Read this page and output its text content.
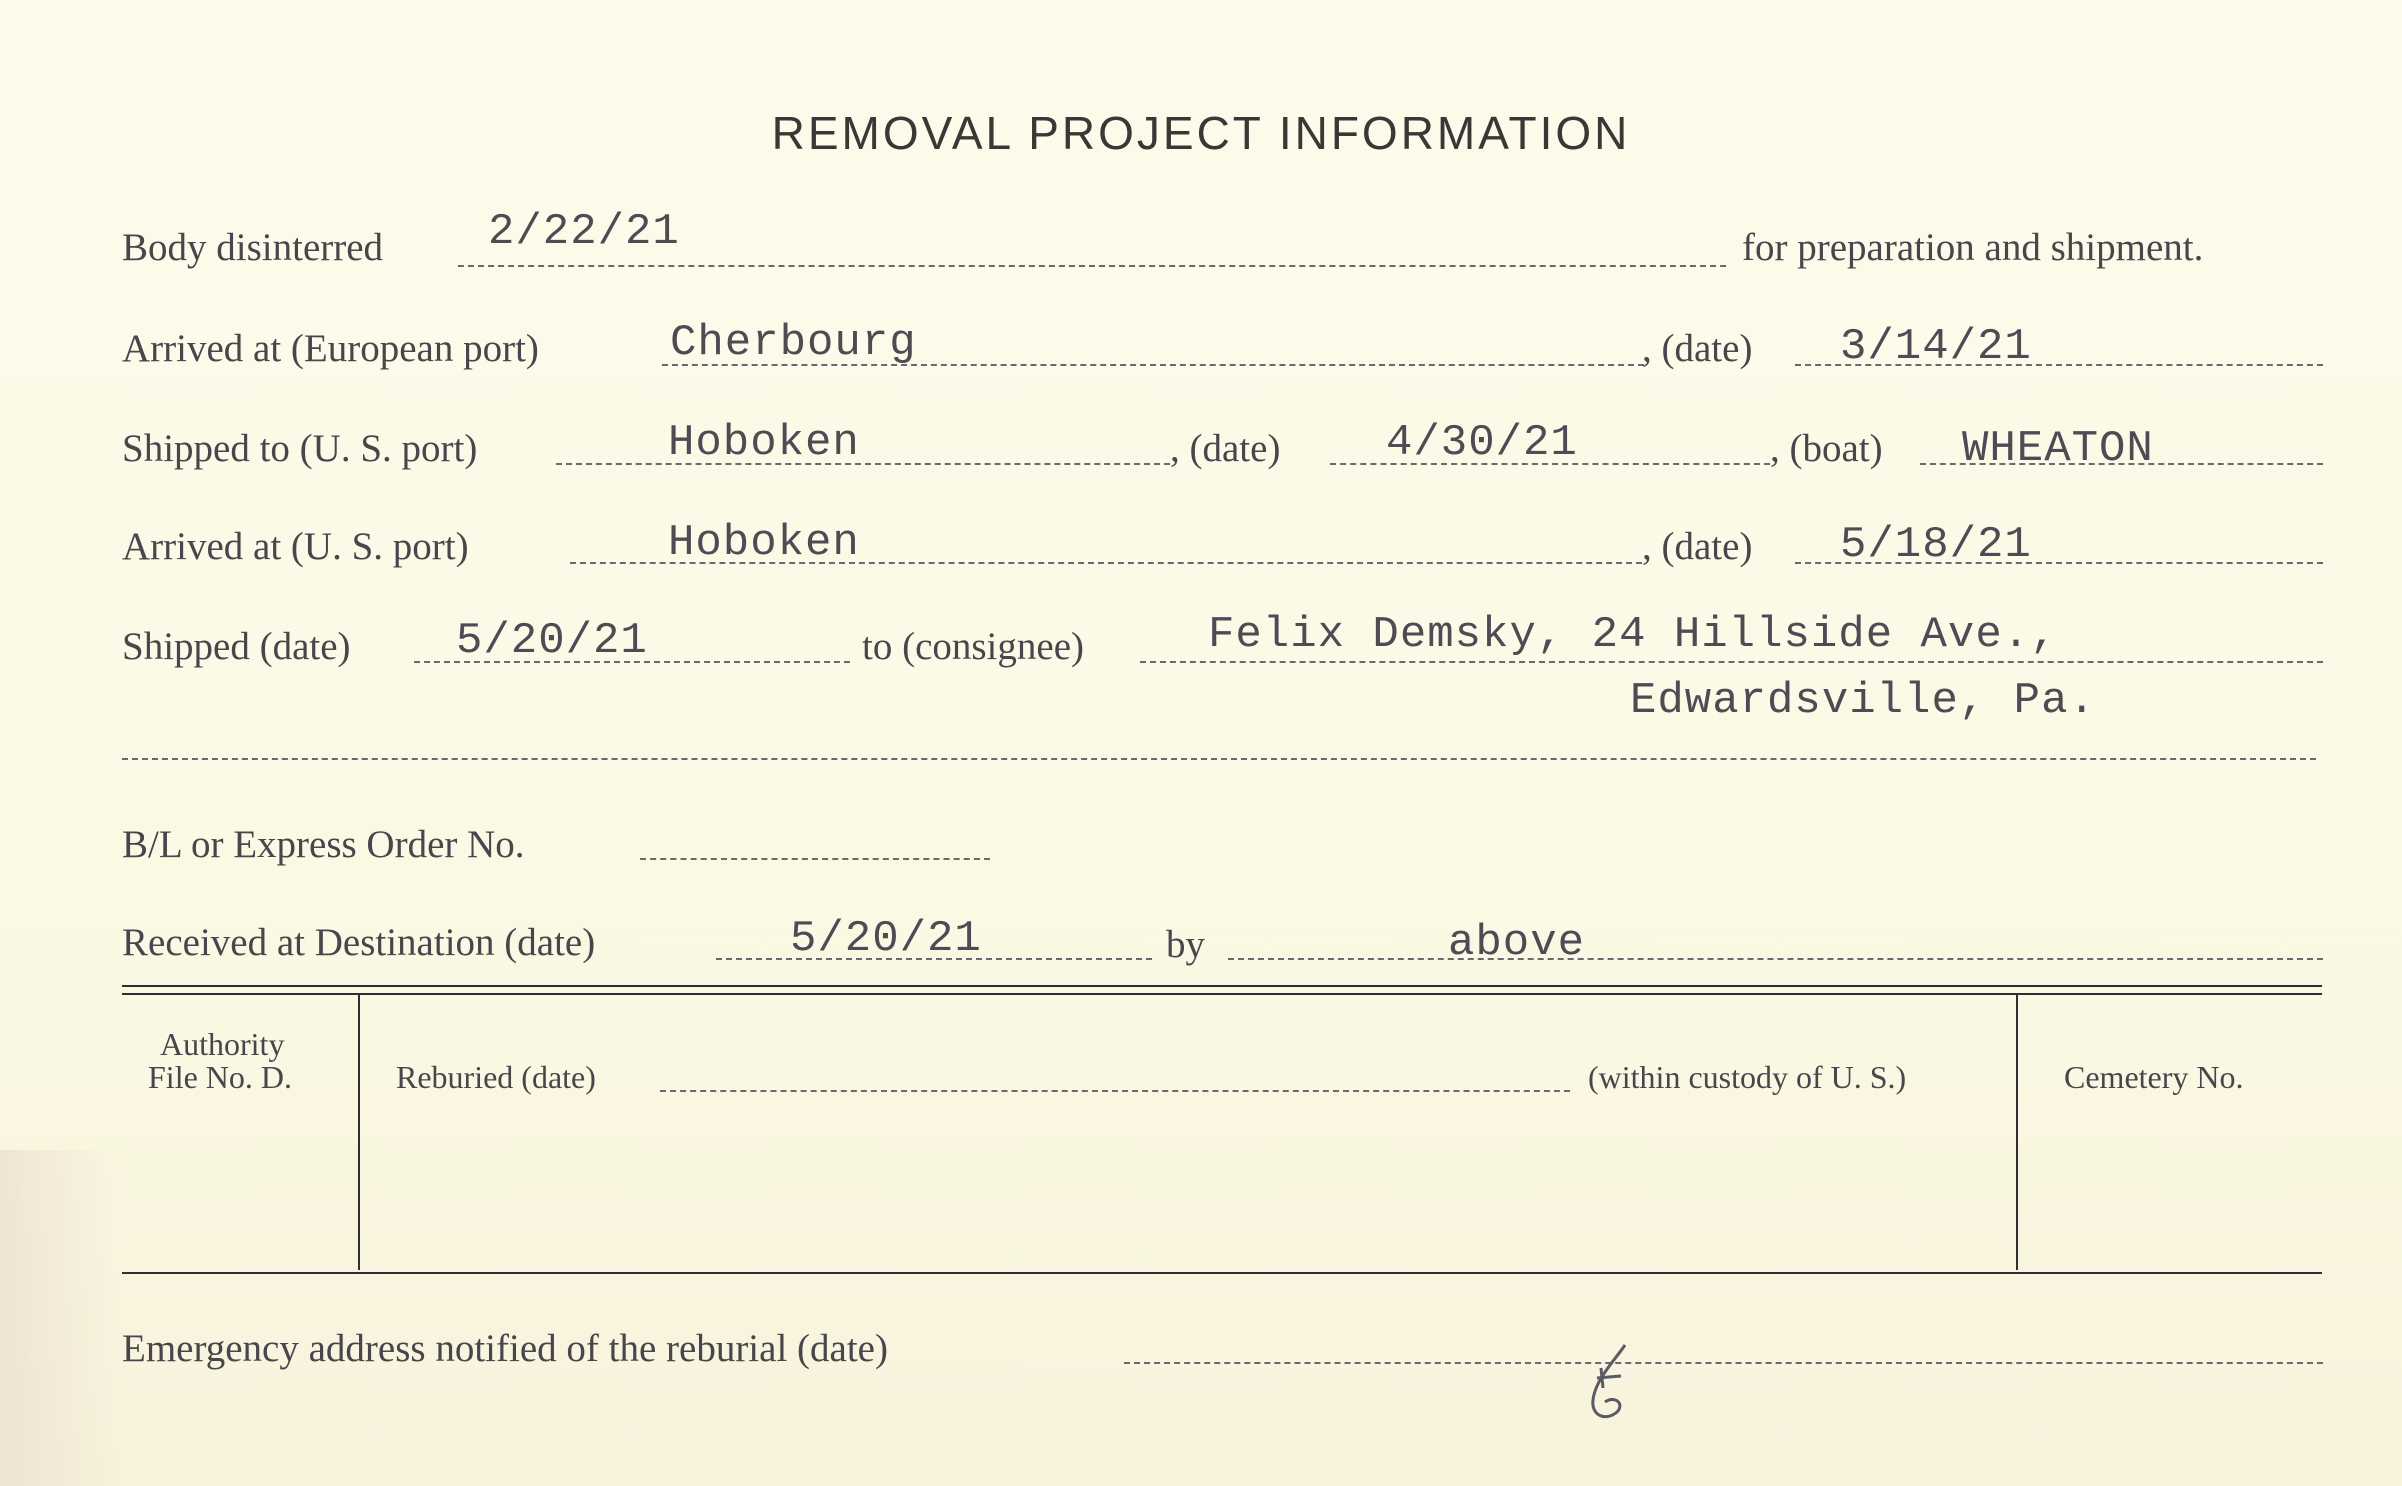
REMOVAL PROJECT INFORMATION
Body disinterred 2/22/21	for preparation and shipment.
Arrived at (European port)	Cherbourg	, (date) 3/14/21
Shipped to (U. S. port)	Hoboken	, (date) 4/30/21	, (boat) WHEATON
Arrived at (U. S. port)	Hoboken	, (date) 5/18/21
Shipped (date) 5/20/21	to (consignee)	Felix Demsky, 24 Hillside Ave.,
Edwardsville, Pa.
B/L or Express Order No.
Received at Destination (date)	5/20/21	by	above
Authority
File No. D.	Reburied (date)	(within custody of U. S.)	Cemetery No.
Emergency address notified of the reburial (date)
